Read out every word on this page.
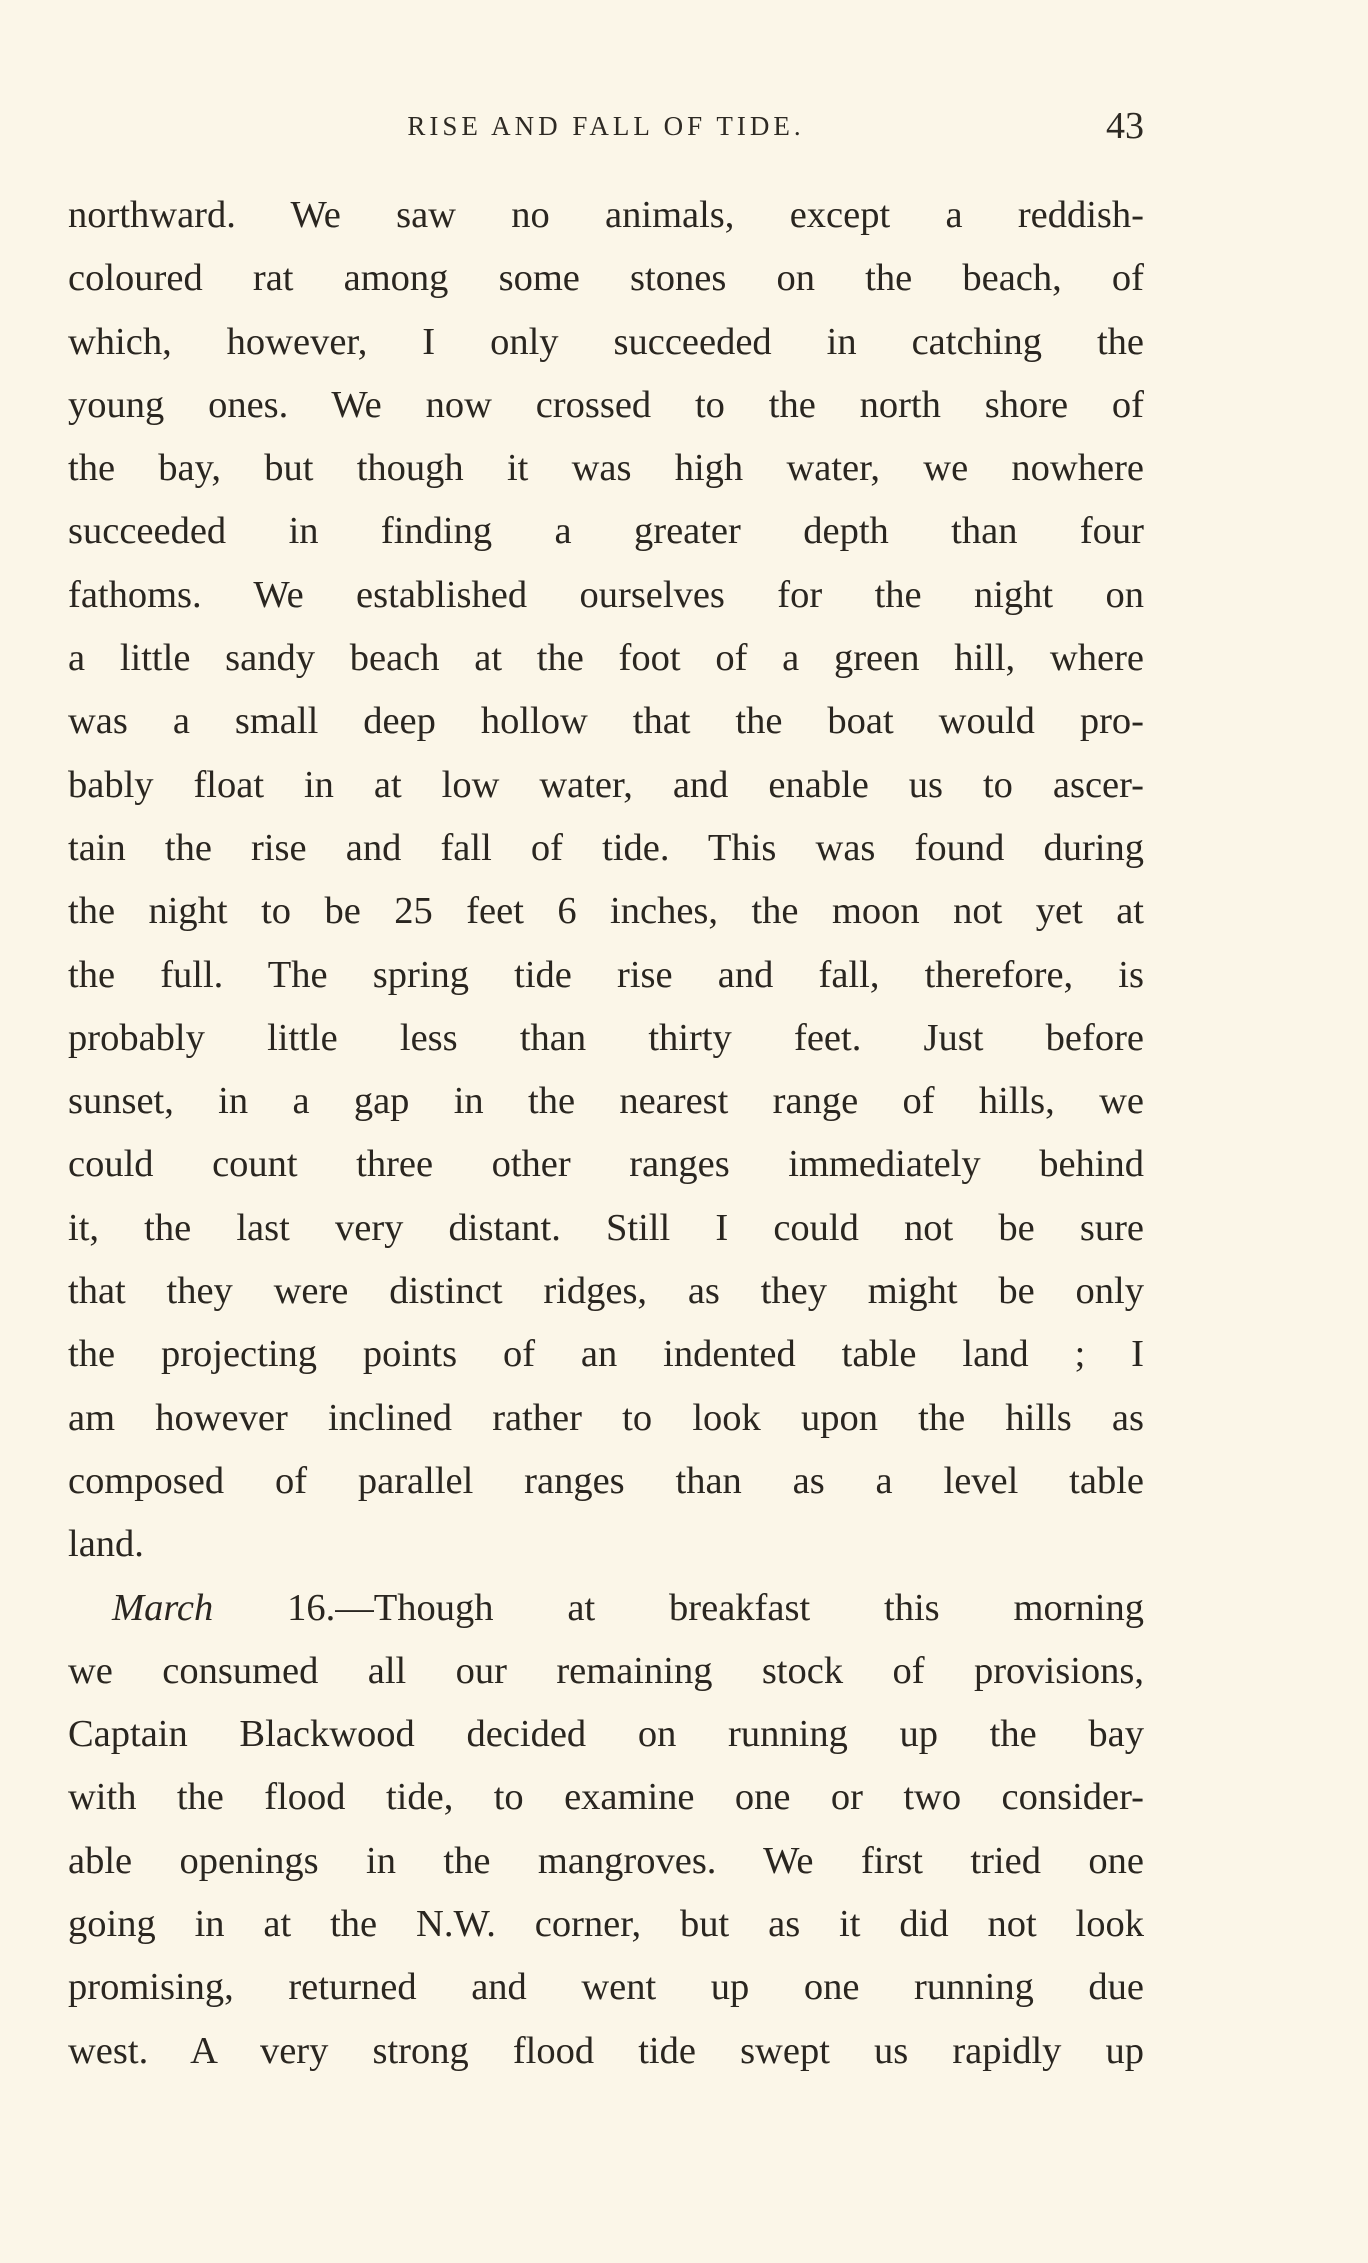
RISE AND FALL OF TIDE.	43
northward. We saw no animals, except a reddish-
coloured rat among some stones on the beach, of
which, however, I only succeeded in catching the
young ones. We now crossed to the north shore of
the bay, but though it was high water, we nowhere
succeeded in finding a greater depth than four
fathoms. We established ourselves for the night on
a little sandy beach at the foot of a green hill, where
was a small deep hollow that the boat would pro-
bably float in at low water, and enable us to ascer-
tain the rise and fall of tide. This was found during
the night to be 25 feet 6 inches, the moon not yet at
the full. The spring tide rise and fall, therefore, is
probably little less than thirty feet. Just before
sunset, in a gap in the nearest range of hills, we
could count three other ranges immediately behind
it, the last very distant. Still I could not be sure
that they were distinct ridges, as they might be only
the projecting points of an indented table land ; I
am however inclined rather to look upon the hills as
composed of parallel ranges than as a level table
land.
March 16.—Though at breakfast this morning
we consumed all our remaining stock of provisions,
Captain Blackwood decided on running up the bay
with the flood tide, to examine one or two consider-
able openings in the mangroves. We first tried one
going in at the N.W. corner, but as it did not look
promising, returned and went up one running due
west. A very strong flood tide swept us rapidly up
